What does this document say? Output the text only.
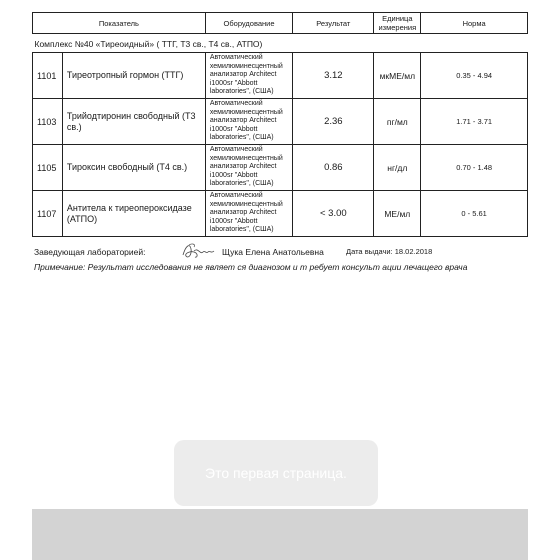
Показатель		Оборудование	Результат	Единица измерения	Норма
Комплекс №40 «Тиреоидный» ( ТТГ, Т3 св., Т4 св., АТПО)					
1101	Тиреотропный гормон (ТТГ)	Автоматический хемилюминесцентный анализатор Architect i1000sr "Abbott laboratories", (США)	3.12	мкМЕ/мл	0.35 - 4.94
1103	Трийодтиронин свободный (Т3 св.)	Автоматический хемилюминесцентный анализатор Architect i1000sr "Abbott laboratories", (США)	2.36	пг/мл	1.71 - 3.71
1105	Тироксин свободный (Т4 св.)	Автоматический хемилюминесцентный анализатор Architect i1000sr "Abbott laboratories", (США)	0.86	нг/дл	0.70 - 1.48
1107	Антитела к тиреопероксидазе (АТПО)	Автоматический хемилюминесцентный анализатор Architect i1000sr "Abbott laboratories", (США)	< 3.00	МЕ/мл	0 - 5.61
Заведующая лабораторией:	Щука Елена Анатольевна	Дата выдачи: 18.02.2018
Примечание: Результат исследования не являет ся диагнозом и т ребует консульт ации лечащего врача
Это первая страница.
